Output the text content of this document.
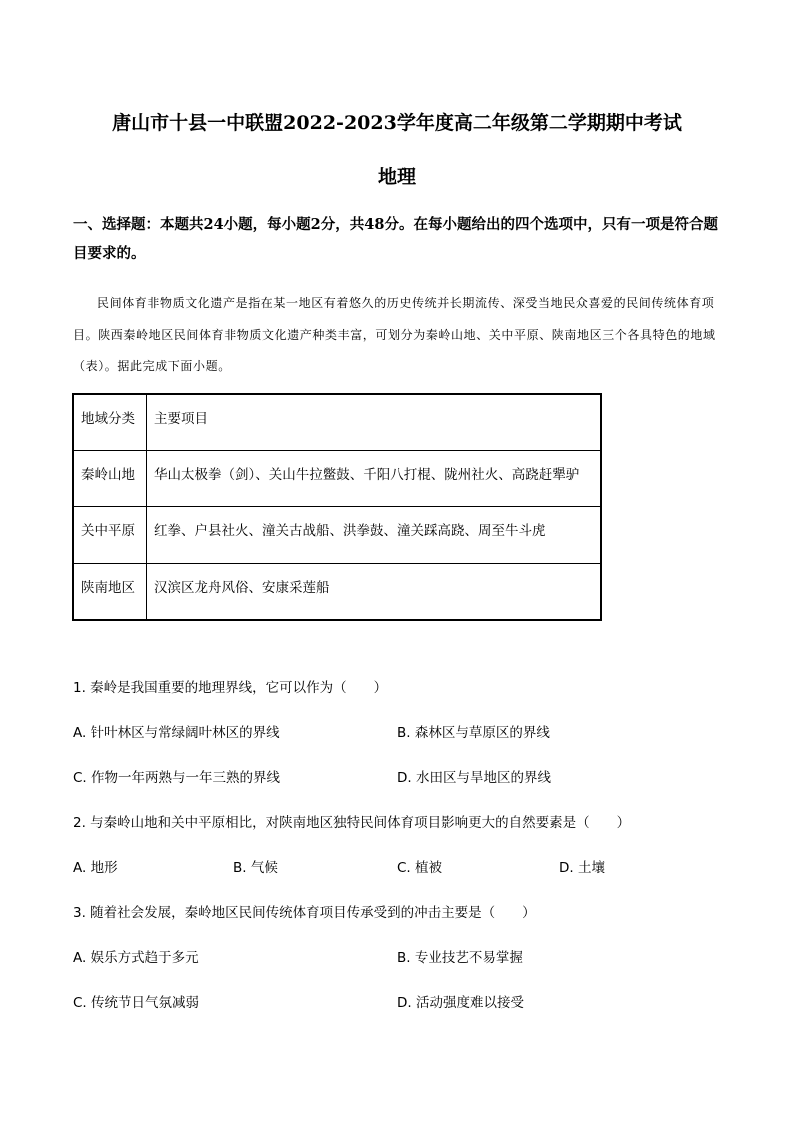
唐山市十县一中联盟2022-2023学年度高二年级第二学期期中考试
地理
一、选择题：本题共24小题，每小题2分，共48分。在每小题给出的四个选项中，只有一项是符合题目要求的。
民间体育非物质文化遗产是指在某一地区有着悠久的历史传统并长期流传、深受当地民众喜爱的民间传统体育项目。陕西秦岭地区民间体育非物质文化遗产种类丰富，可划分为秦岭山地、关中平原、陕南地区三个各具特色的地域（表）。据此完成下面小题。
地域分类	主要项目
秦岭山地	华山太极拳（剑）、关山牛拉鳖鼓、千阳八打棍、陇州社火、高跷赶犟驴
关中平原	红拳、户县社火、潼关古战船、洪拳鼓、潼关踩高跷、周至牛斗虎
陕南地区	汉滨区龙舟风俗、安康采莲船
1. 秦岭是我国重要的地理界线，它可以作为（　　）
A. 针叶林区与常绿阔叶林区的界线	B. 森林区与草原区的界线
C. 作物一年两熟与一年三熟的界线	D. 水田区与旱地区的界线
2. 与秦岭山地和关中平原相比，对陕南地区独特民间体育项目影响更大的自然要素是（　　）
A. 地形	B. 气候	C. 植被	D. 土壤
3. 随着社会发展，秦岭地区民间传统体育项目传承受到的冲击主要是（　　）
A. 娱乐方式趋于多元	B. 专业技艺不易掌握
C. 传统节日气氛减弱	D. 活动强度难以接受
